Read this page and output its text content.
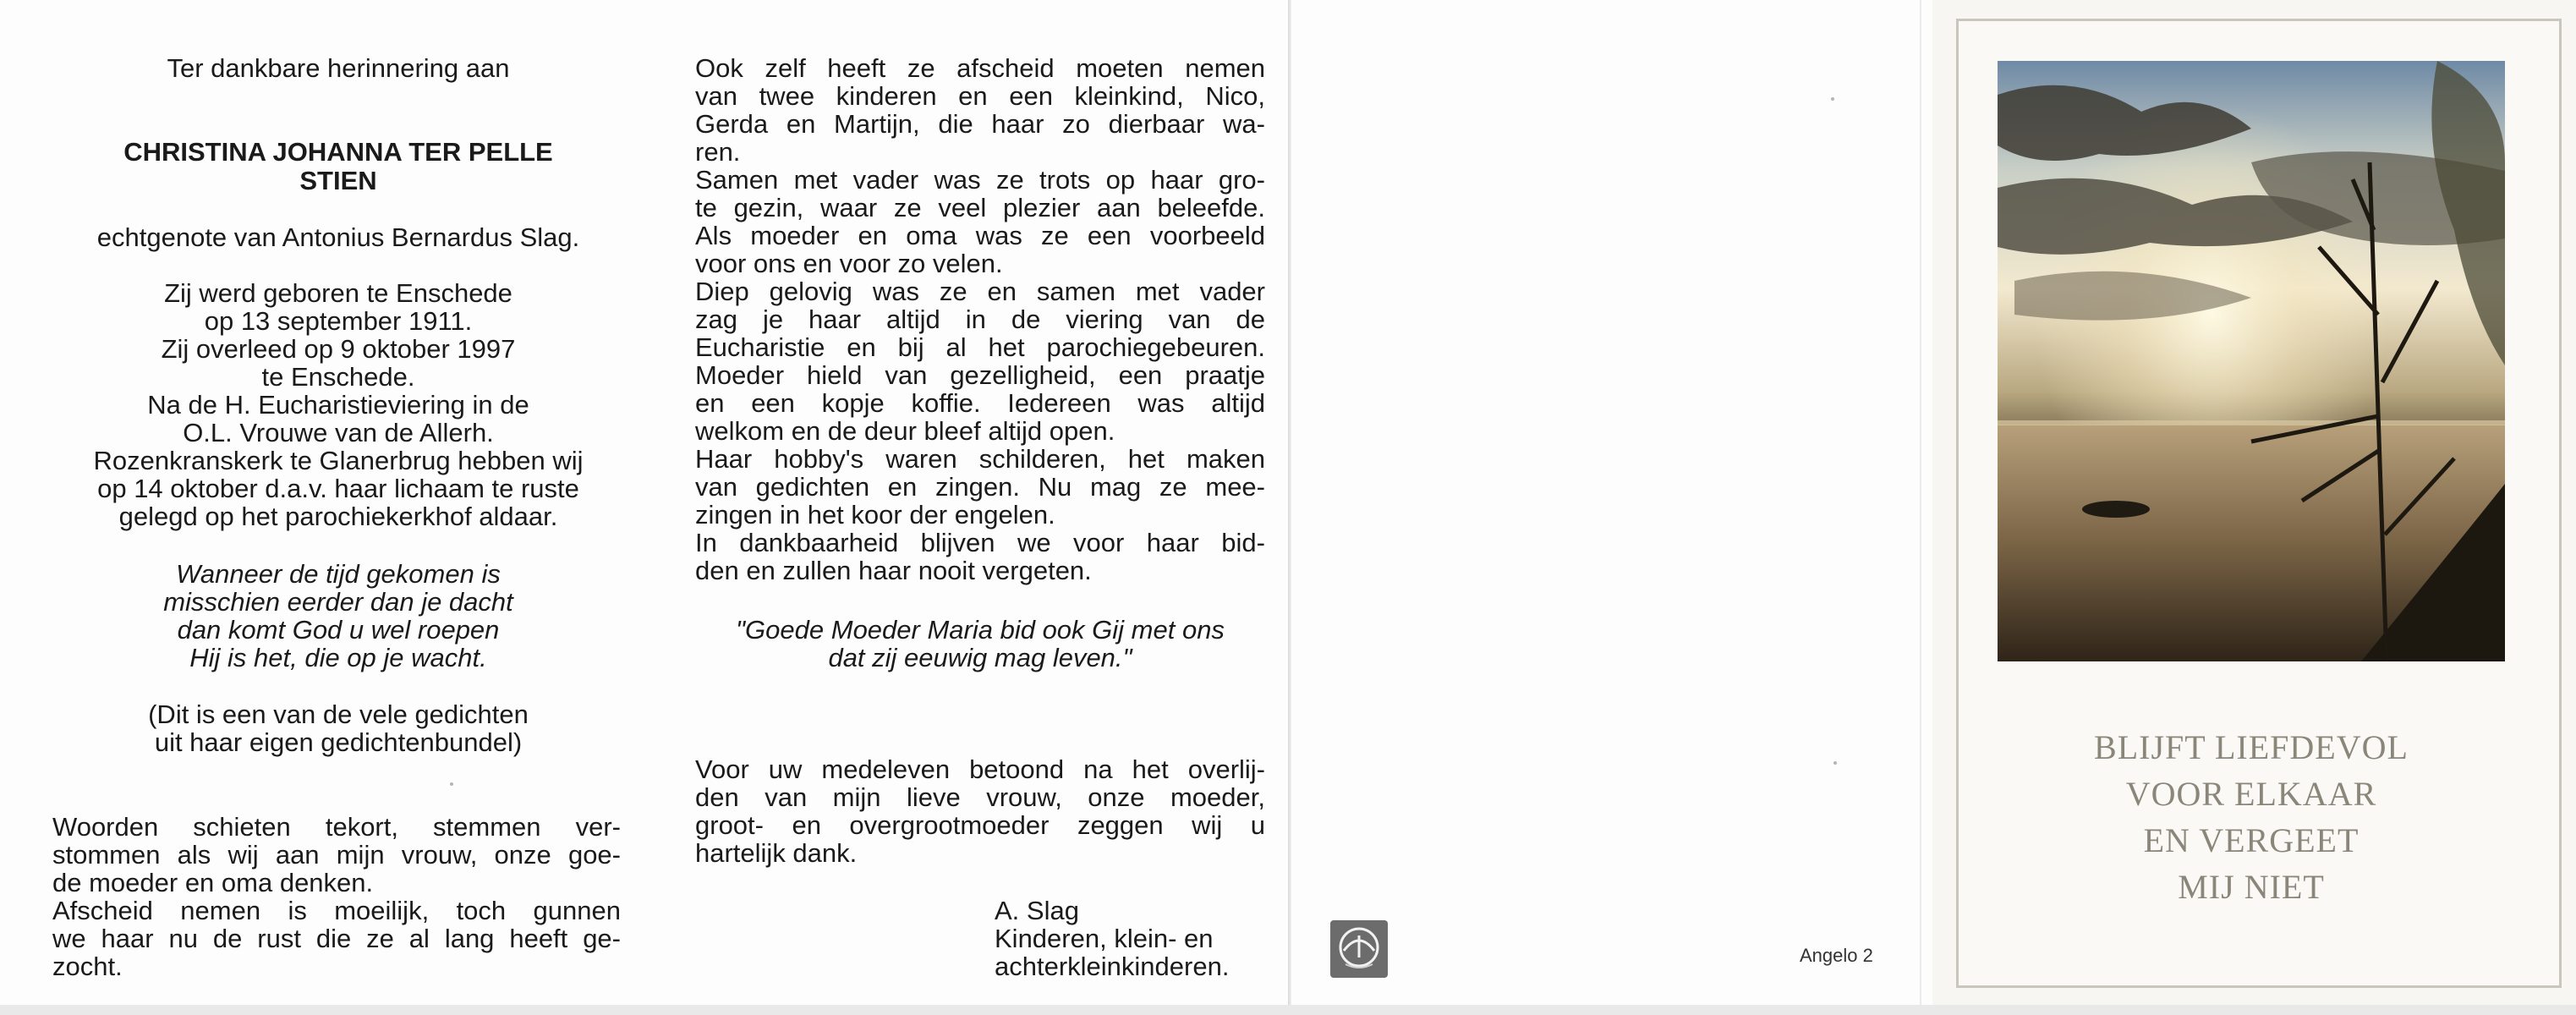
Ter dankbare herinnering aan
CHRISTINA JOHANNA TER PELLE
STIEN
echtgenote van Antonius Bernardus Slag.
Zij werd geboren te Enschede
op 13 september 1911.
Zij overleed op 9 oktober 1997
te Enschede.
Na de H. Eucharistieviering in de
O.L. Vrouwe van de Allerh.
Rozenkranskerk te Glanerbrug hebben wij
op 14 oktober d.a.v. haar lichaam te ruste
gelegd op het parochiekerkhof aldaar.
Wanneer de tijd gekomen is
misschien eerder dan je dacht
dan komt God u wel roepen
Hij is het, die op je wacht.
(Dit is een van de vele gedichten
uit haar eigen gedichtenbundel)
Woorden schieten tekort, stemmen ver-
stommen als wij aan mijn vrouw, onze goe-
de moeder en oma denken.
Afscheid nemen is moeilijk, toch gunnen
we haar nu de rust die ze al lang heeft ge-
zocht.
Ook zelf heeft ze afscheid moeten nemen
van twee kinderen en een kleinkind, Nico,
Gerda en Martijn, die haar zo dierbaar wa-
ren.
Samen met vader was ze trots op haar gro-
te gezin, waar ze veel plezier aan beleefde.
Als moeder en oma was ze een voorbeeld
voor ons en voor zo velen.
Diep gelovig was ze en samen met vader
zag je haar altijd in de viering van de
Eucharistie en bij al het parochiegebeuren.
Moeder hield van gezelligheid, een praatje
en een kopje koffie. Iedereen was altijd
welkom en de deur bleef altijd open.
Haar hobby's waren schilderen, het maken
van gedichten en zingen. Nu mag ze mee-
zingen in het koor der engelen.
In dankbaarheid blijven we voor haar bid-
den en zullen haar nooit vergeten.
"Goede Moeder Maria bid ook Gij met ons
dat zij eeuwig mag leven."
Voor uw medeleven betoond na het overlij-
den van mijn lieve vrouw, onze moeder,
groot- en overgrootmoeder zeggen wij u
hartelijk dank.
A. Slag
Kinderen, klein- en
achterkleinkinderen.	Angelo 2
BLIJFT LIEFDEVOL
VOOR ELKAAR
EN VERGEET
MIJ NIET
